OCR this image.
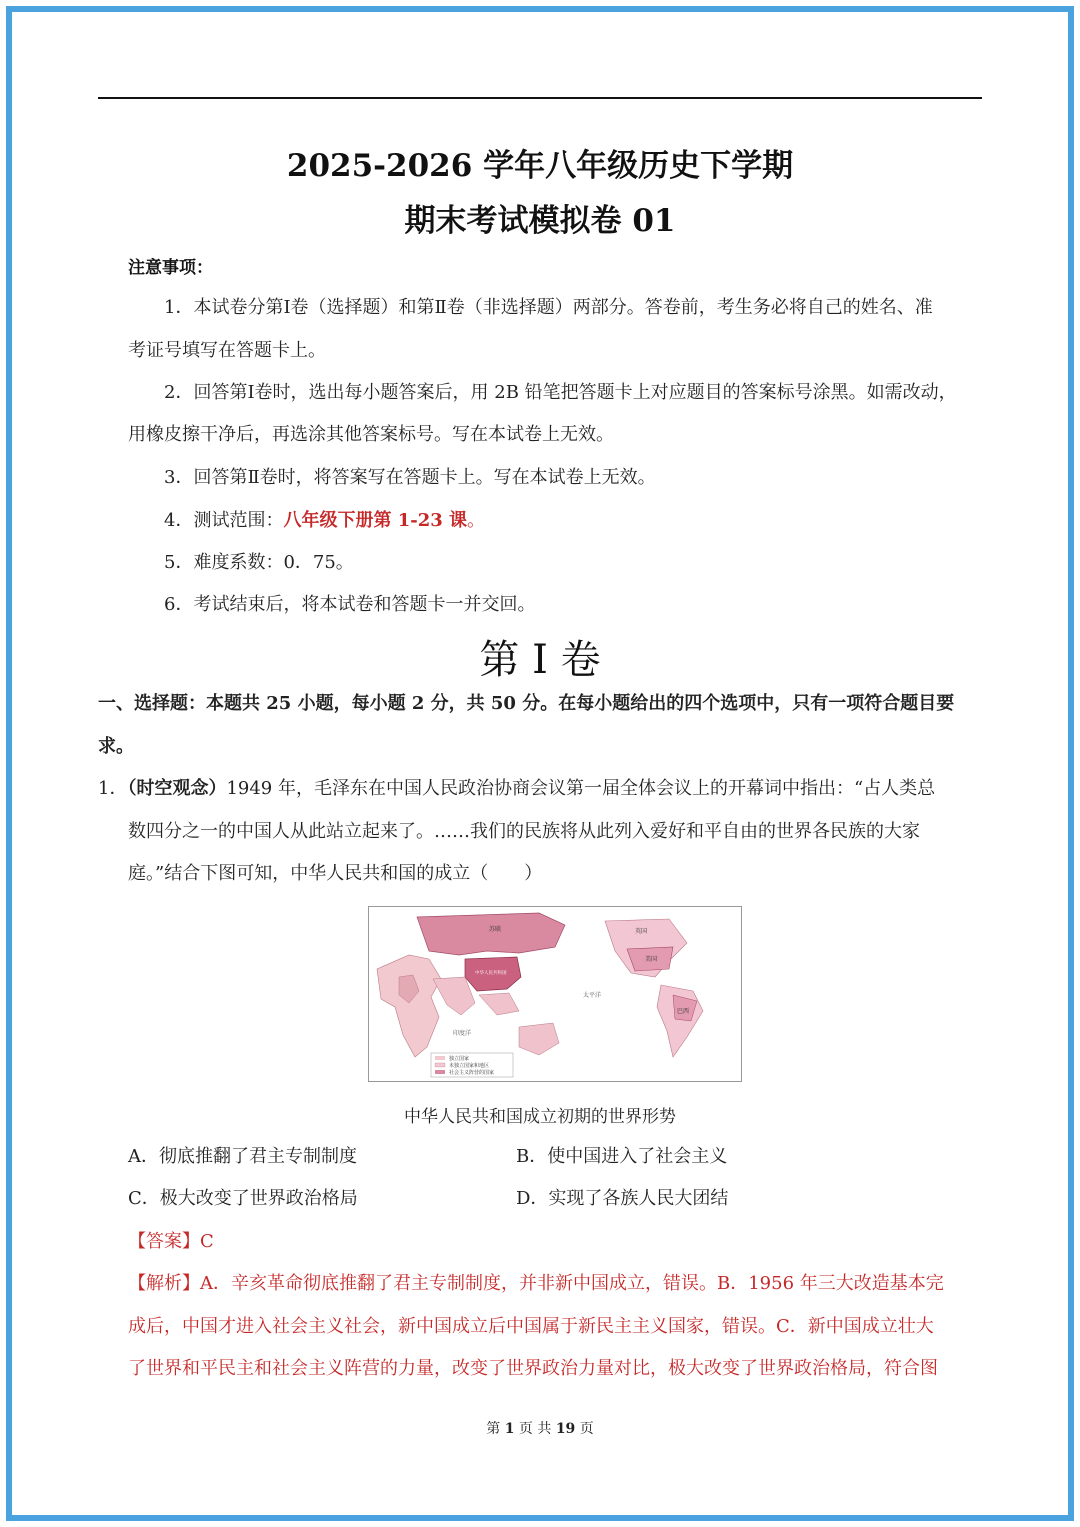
2025-2026 学年八年级历史下学期
期末考试模拟卷 01
注意事项：
1．本试卷分第Ⅰ卷（选择题）和第Ⅱ卷（非选择题）两部分。答卷前，考生务必将自己的姓名、准
考证号填写在答题卡上。
2．回答第Ⅰ卷时，选出每小题答案后，用 2B 铅笔把答题卡上对应题目的答案标号涂黑。如需改动，
用橡皮擦干净后，再选涂其他答案标号。写在本试卷上无效。
3．回答第Ⅱ卷时，将答案写在答题卡上。写在本试卷上无效。
4．测试范围：八年级下册第 1-23 课。
5．难度系数：0．75。
6．考试结束后，将本试卷和答题卡一并交回。
第 I 卷
一、选择题：本题共 25 小题，每小题 2 分，共 50 分。在每小题给出的四个选项中，只有一项符合题目要
求。
1．（时空观念）1949 年，毛泽东在中国人民政治协商会议第一届全体会议上的开幕词中指出：“占人类总
数四分之一的中国人从此站立起来了。……我们的民族将从此列入爱好和平自由的世界各民族的大家
庭。”结合下图可知，中华人民共和国的成立（　　）
苏联
中华人民共和国
英国
美国
巴西
印度洋
太平洋
独立国家
未独立国家和地区
社会主义阵营的国家
中华人民共和国成立初期的世界形势
A．彻底推翻了君主专制制度	B．使中国进入了社会主义
C．极大改变了世界政治格局	D．实现了各族人民大团结
【答案】C
【解析】A．辛亥革命彻底推翻了君主专制制度，并非新中国成立，错误。B．1956 年三大改造基本完
成后，中国才进入社会主义社会，新中国成立后中国属于新民主主义国家，错误。C．新中国成立壮大
了世界和平民主和社会主义阵营的力量，改变了世界政治力量对比，极大改变了世界政治格局，符合图
第 1 页 共 19 页
